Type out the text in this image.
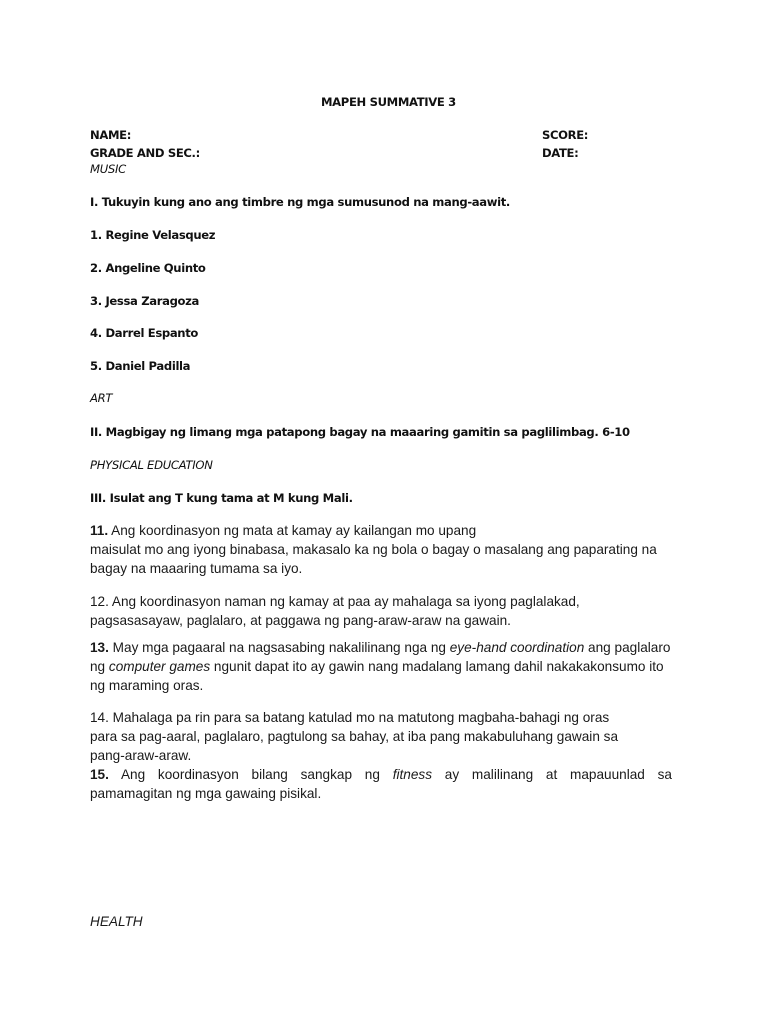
MAPEH SUMMATIVE 3
NAME:	SCORE:
GRADE AND SEC.:	DATE:
MUSIC
I. Tukuyin kung ano ang timbre ng mga sumusunod na mang-aawit.
1. Regine Velasquez
2. Angeline Quinto
3. Jessa Zaragoza
4. Darrel Espanto
5. Daniel Padilla
ART
II. Magbigay ng limang mga patapong bagay na maaaring gamitin sa paglilimbag. 6-10
PHYSICAL EDUCATION
III. Isulat ang T kung tama at M kung Mali.
11. Ang koordinasyon ng mata at kamay ay kailangan mo upang
maisulat mo ang iyong binabasa, makasalo ka ng bola o bagay o masalang ang paparating na
bagay na maaaring tumama sa iyo.
12. Ang koordinasyon naman ng kamay at paa ay mahalaga sa iyong paglalakad,
pagsasasayaw, paglalaro, at paggawa ng pang-araw-araw na gawain.
13. May mga pagaaral na nagsasabing nakalilinang nga ng eye-hand coordination ang paglalaro
ng computer games ngunit dapat ito ay gawin nang madalang lamang dahil nakakakonsumo ito
ng maraming oras.
14. Mahalaga pa rin para sa batang katulad mo na matutong magbaha-bahagi ng oras
para sa pag-aaral, paglalaro, pagtulong sa bahay, at iba pang makabuluhang gawain sa
pang-araw-araw.
15. Ang koordinasyon bilang sangkap ng fitness ay malilinang at mapauunlad sa
pamamagitan ng mga gawaing pisikal.
HEALTH
